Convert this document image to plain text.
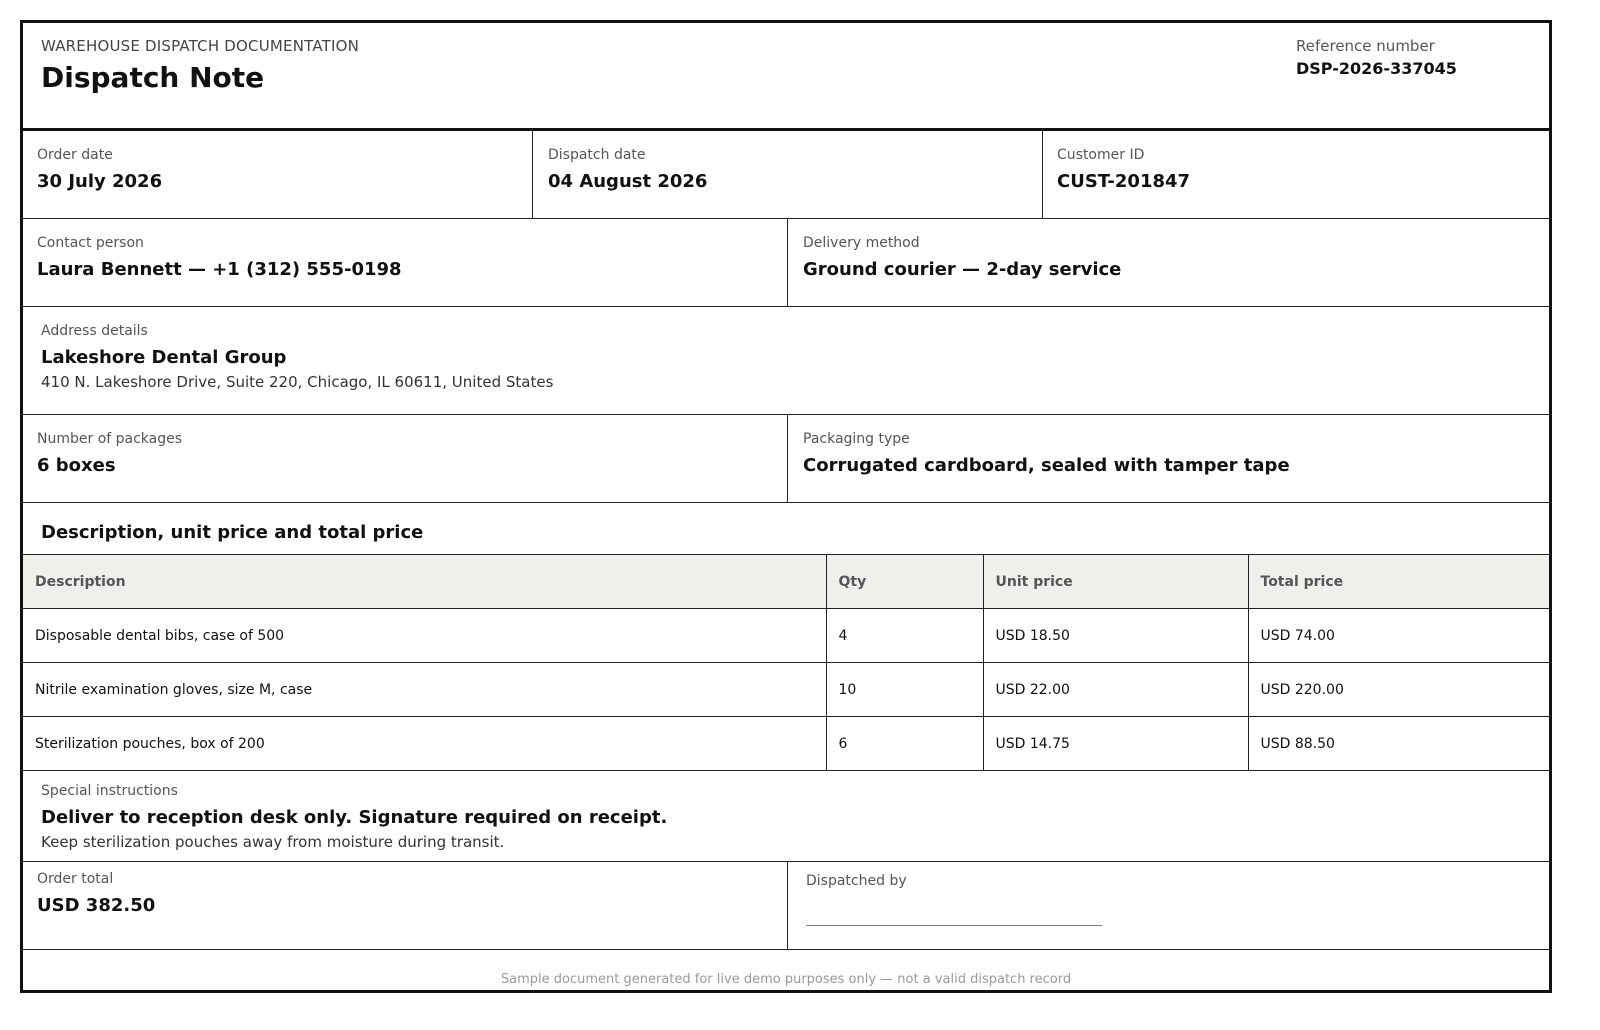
WAREHOUSE DISPATCH DOCUMENTATION
Dispatch Note
Reference number
DSP-2026-337045
Order date
30 July 2026
Dispatch date
04 August 2026
Customer ID
CUST-201847
Contact person
Laura Bennett — +1 (312) 555-0198
Delivery method
Ground courier — 2-day service
Address details
Lakeshore Dental Group
410 N. Lakeshore Drive, Suite 220, Chicago, IL 60611, United States
Number of packages
6 boxes
Packaging type
Corrugated cardboard, sealed with tamper tape
Description, unit price and total price
Description	Qty	Unit price	Total price
Disposable dental bibs, case of 500	4	USD 18.50	USD 74.00
Nitrile examination gloves, size M, case	10	USD 22.00	USD 220.00
Sterilization pouches, box of 200	6	USD 14.75	USD 88.50
Special instructions
Deliver to reception desk only. Signature required on receipt.
Keep sterilization pouches away from moisture during transit.
Order total
USD 382.50
Dispatched by
Sample document generated for live demo purposes only — not a valid dispatch record
